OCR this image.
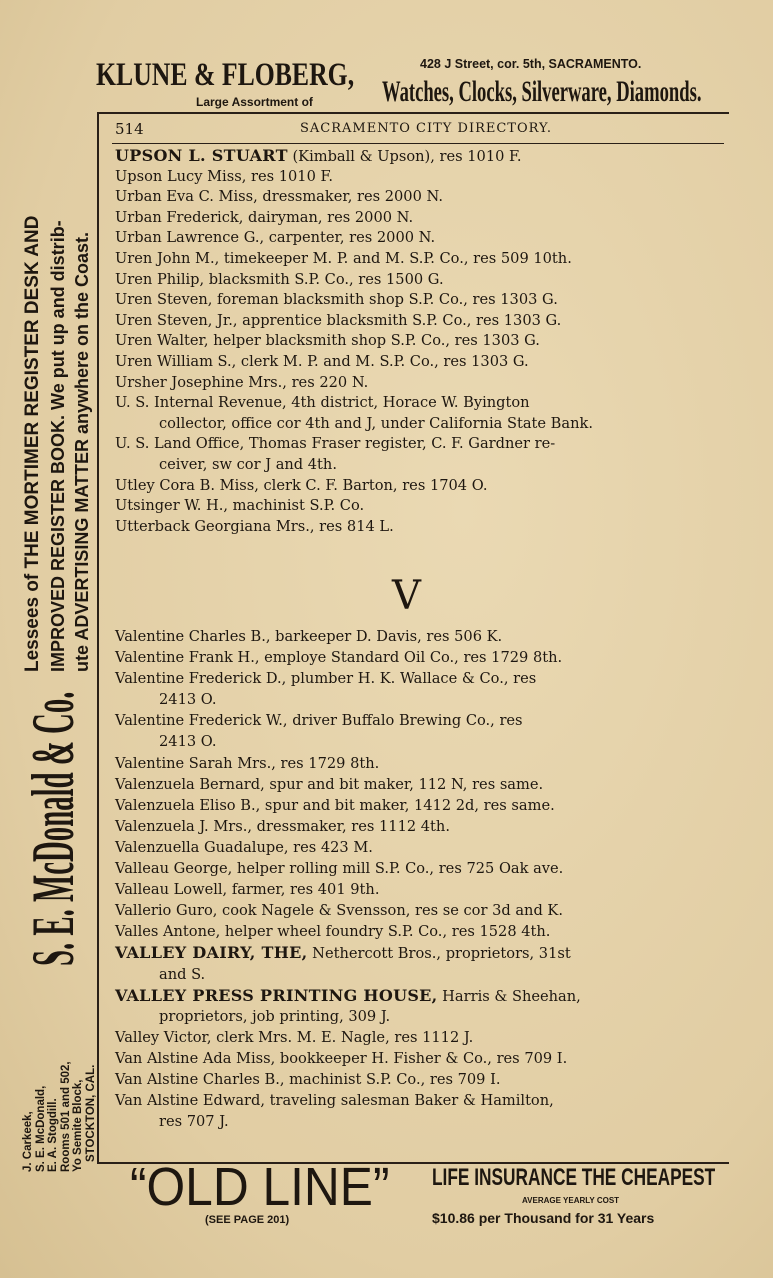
KLUNE & FLOBERG,
Large Assortment of
428 J Street, cor. 5th, SACRAMENTO.
Watches, Clocks, Silverware, Diamonds.
514	SACRAMENTO CITY DIRECTORY.
Lessees of THE MORTIMER REGISTER DESK AND IMPROVED REGISTER BOOK. We put up and distrib- ute ADVERTISING MATTER anywhere on the Coast.
S. E. McDonald & Co.
J. Carkeek, S. E. McDonald, E. A. Stogdill. Rooms 501 and 502, Yo Semite Block, STOCKTON, CAL.
UPSON L. STUART (Kimball & Upson), res 1010 F.
Upson Lucy Miss, res 1010 F.
Urban Eva C. Miss, dressmaker, res 2000 N.
Urban Frederick, dairyman, res 2000 N.
Urban Lawrence G., carpenter, res 2000 N.
Uren John M., timekeeper M. P. and M. S.P. Co., res 509 10th.
Uren Philip, blacksmith S.P. Co., res 1500 G.
Uren Steven, foreman blacksmith shop S.P. Co., res 1303 G.
Uren Steven, Jr., apprentice blacksmith S.P. Co., res 1303 G.
Uren Walter, helper blacksmith shop S.P. Co., res 1303 G.
Uren William S., clerk M. P. and M. S.P. Co., res 1303 G.
Ursher Josephine Mrs., res 220 N.
U. S. Internal Revenue, 4th district, Horace W. Byington
collector, office cor 4th and J, under California State Bank.
U. S. Land Office, Thomas Fraser register, C. F. Gardner re-
ceiver, sw cor J and 4th.
Utley Cora B. Miss, clerk C. F. Barton, res 1704 O.
Utsinger W. H., machinist S.P. Co.
Utterback Georgiana Mrs., res 814 L.
V
Valentine Charles B., barkeeper D. Davis, res 506 K.
Valentine Frank H., employe Standard Oil Co., res 1729 8th.
Valentine Frederick D., plumber H. K. Wallace & Co., res
2413 O.
Valentine Frederick W., driver Buffalo Brewing Co., res
2413 O.
Valentine Sarah Mrs., res 1729 8th.
Valenzuela Bernard, spur and bit maker, 112 N, res same.
Valenzuela Eliso B., spur and bit maker, 1412 2d, res same.
Valenzuela J. Mrs., dressmaker, res 1112 4th.
Valenzuella Guadalupe, res 423 M.
Valleau George, helper rolling mill S.P. Co., res 725 Oak ave.
Valleau Lowell, farmer, res 401 9th.
Vallerio Guro, cook Nagele & Svensson, res se cor 3d and K.
Valles Antone, helper wheel foundry S.P. Co., res 1528 4th.
VALLEY DAIRY, THE, Nethercott Bros., proprietors, 31st
and S.
VALLEY PRESS PRINTING HOUSE, Harris & Sheehan,
proprietors, job printing, 309 J.
Valley Victor, clerk Mrs. M. E. Nagle, res 1112 J.
Van Alstine Ada Miss, bookkeeper H. Fisher & Co., res 709 I.
Van Alstine Charles B., machinist S.P. Co., res 709 I.
Van Alstine Edward, traveling salesman Baker & Hamilton,
res 707 J.
“OLD LINE”
(SEE PAGE 201)
LIFE INSURANCE THE CHEAPEST
AVERAGE YEARLY COST
$10.86 per Thousand for 31 Years
